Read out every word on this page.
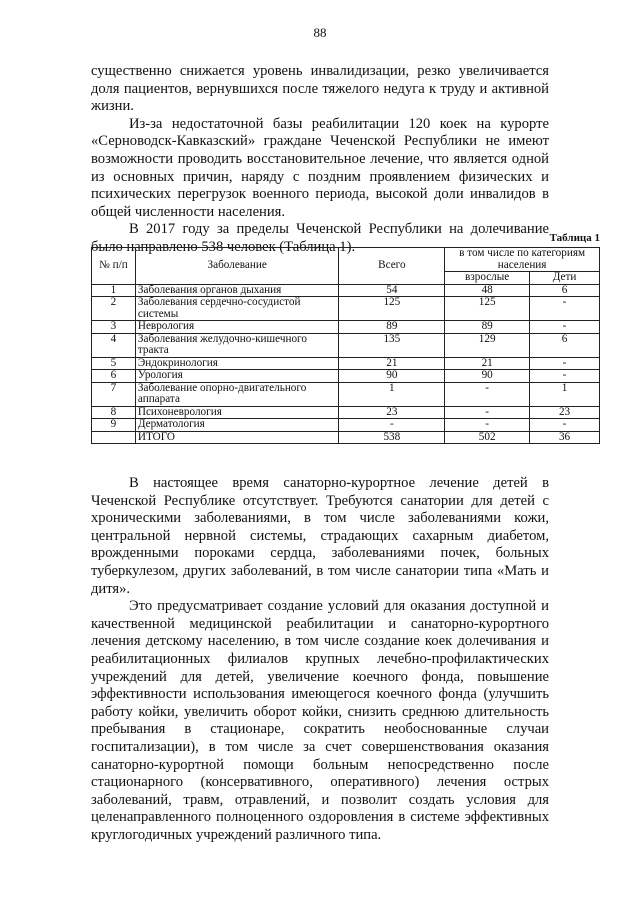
88

существенно снижается уровень инвалидизации, резко увеличивается доля пациентов, вернувшихся после тяжелого недуга к труду и активной жизни.

Из-за недостаточной базы реабилитации 120 коек на курорте «Серноводск-Кавказский» граждане Чеченской Республики не имеют возможности проводить восстановительное лечение, что является одной из основных причин, наряду с поздним проявлением физических и психических перегрузок военного периода, высокой доли инвалидов в общей численности населения.

В 2017 году за пределы Чеченской Республики на долечивание было направлено 538 человек (Таблица 1).

Таблица 1
№ п/п	Заболевание	Всего	в том числе по категориям населения	
			взрослые	Дети
1	Заболевания органов дыхания	54	48	6
2	Заболевания сердечно-сосудистой системы	125	125	-
3	Неврология	89	89	-
4	Заболевания желудочно-кишечного тракта	135	129	6
5	Эндокринология	21	21	-
6	Урология	90	90	-
7	Заболевание опорно-двигательного аппарата	1	-	1
8	Психоневрология	23	-	23
9	Дерматология	-	-	-
	ИТОГО	538	502	36

В настоящее время санаторно-курортное лечение детей в Чеченской Республике отсутствует. Требуются санатории для детей с хроническими заболеваниями, в том числе заболеваниями кожи, центральной нервной системы, страдающих сахарным диабетом, врожденными пороками сердца, заболеваниями почек, больных туберкулезом, других заболеваний, в том числе санатории типа «Мать и дитя».

Это предусматривает создание условий для оказания доступной и качественной медицинской реабилитации и санаторно-курортного лечения детскому населению, в том числе создание коек долечивания и реабилитационных филиалов крупных лечебно-профилактических учреждений для детей, увеличение коечного фонда, повышение эффективности использования имеющегося коечного фонда (улучшить работу койки, увеличить оборот койки, снизить среднюю длительность пребывания в стационаре, сократить необоснованные случаи госпитализации), в том числе за счет совершенствования оказания санаторно-курортной помощи больным непосредственно после стационарного (консервативного, оперативного) лечения острых заболеваний, травм, отравлений, и позволит создать условия для целенаправленного полноценного оздоровления в системе эффективных круглогодичных учреждений различного типа.
